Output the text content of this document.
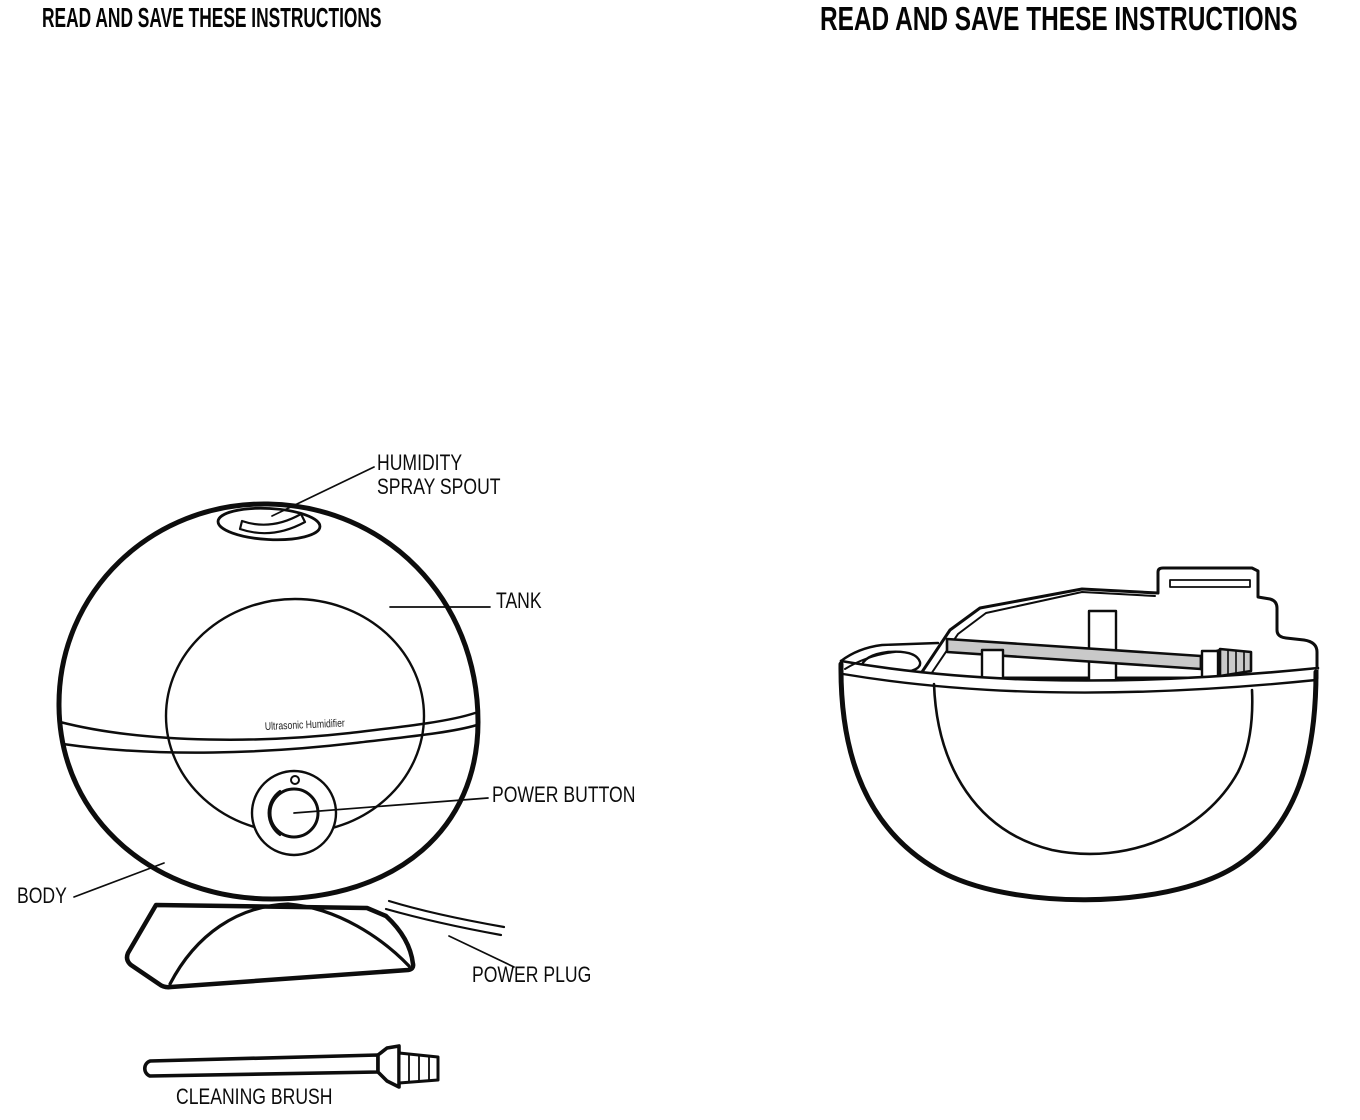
READ AND SAVE THESE INSTRUCTIONS	READ AND SAVE THESE INSTRUCTIONS
Ultrasonic Humidifier
HUMIDITY
SPRAY SPOUT
TANK
POWER BUTTON
BODY
POWER PLUG
CLEANING BRUSH
